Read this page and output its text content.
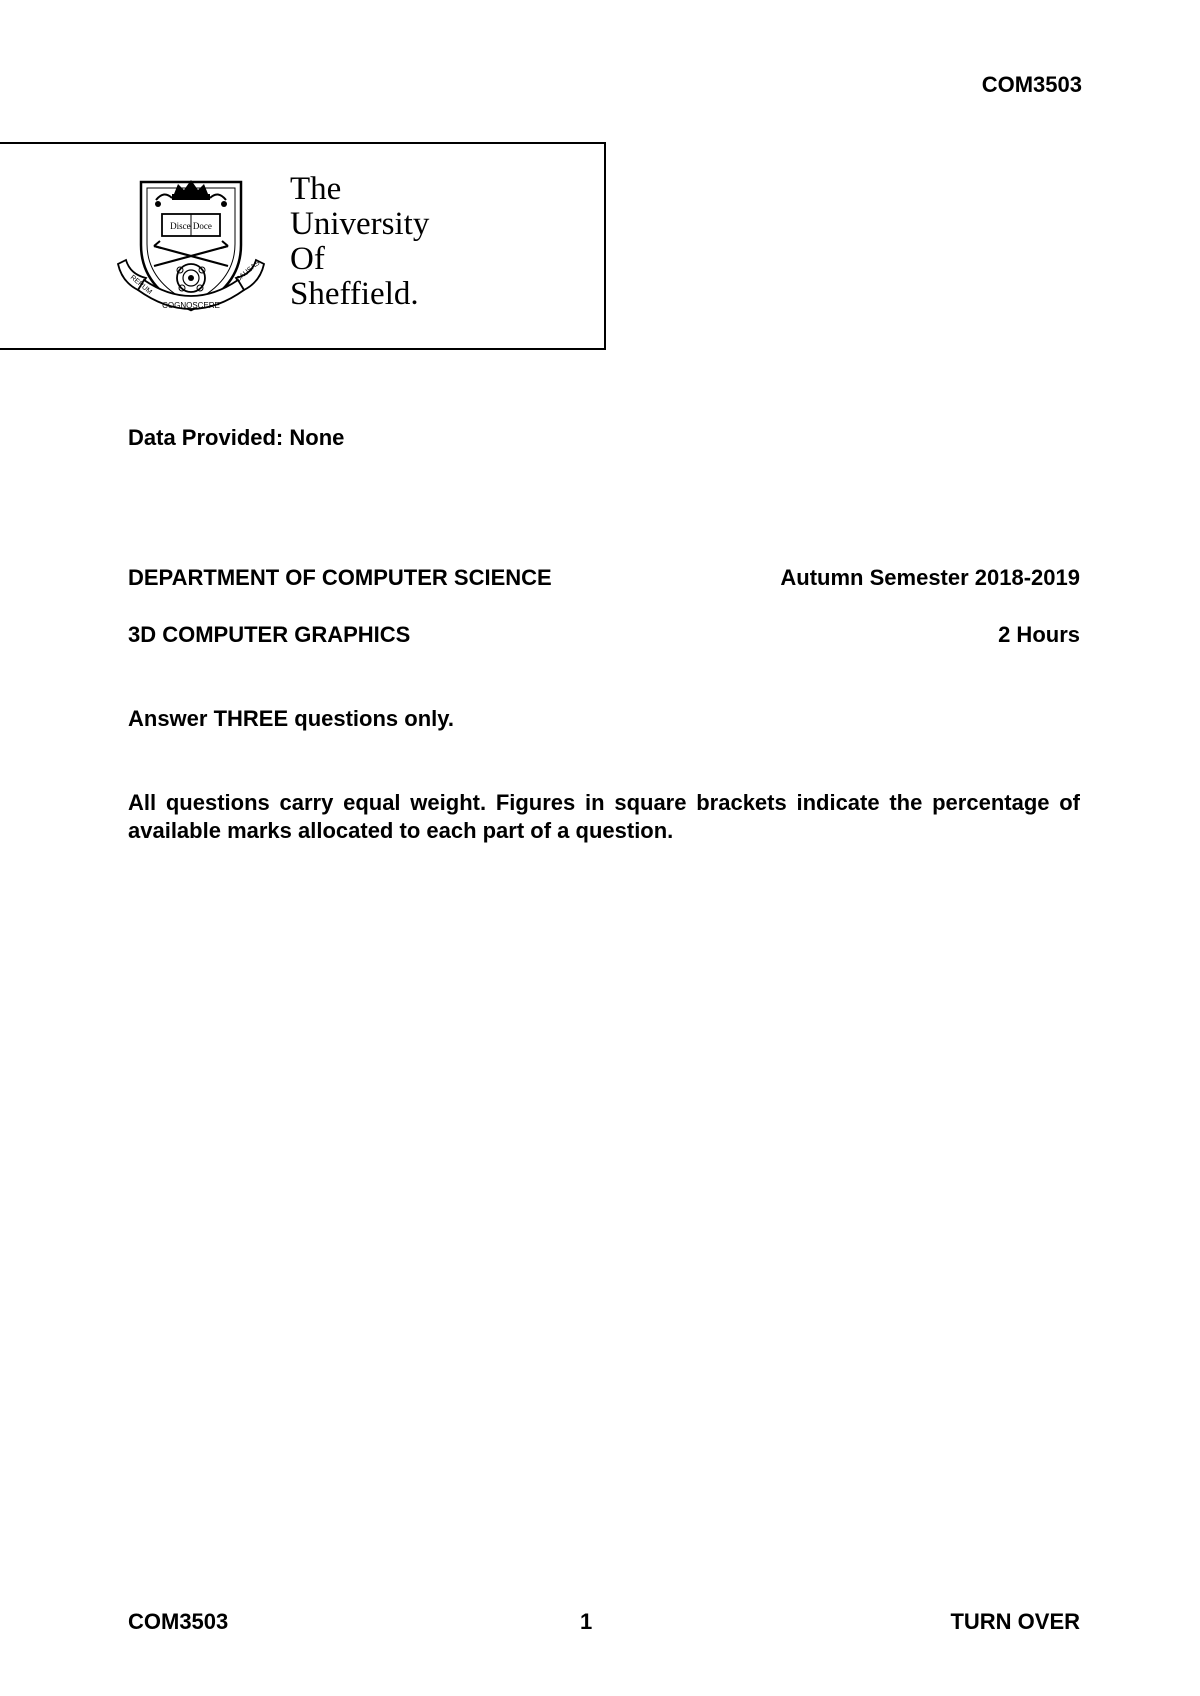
COM3503
Disce Doce
RERUM
COGNOSCERE
CAUSAS
The
University
Of
Sheffield.
Data Provided: None
DEPARTMENT OF COMPUTER SCIENCE	Autumn Semester 2018-2019
3D COMPUTER GRAPHICS	2 Hours
Answer THREE questions only.
All questions carry equal weight. Figures in square brackets indicate the percentage of available marks allocated to each part of a question.
COM3503	1	TURN OVER
